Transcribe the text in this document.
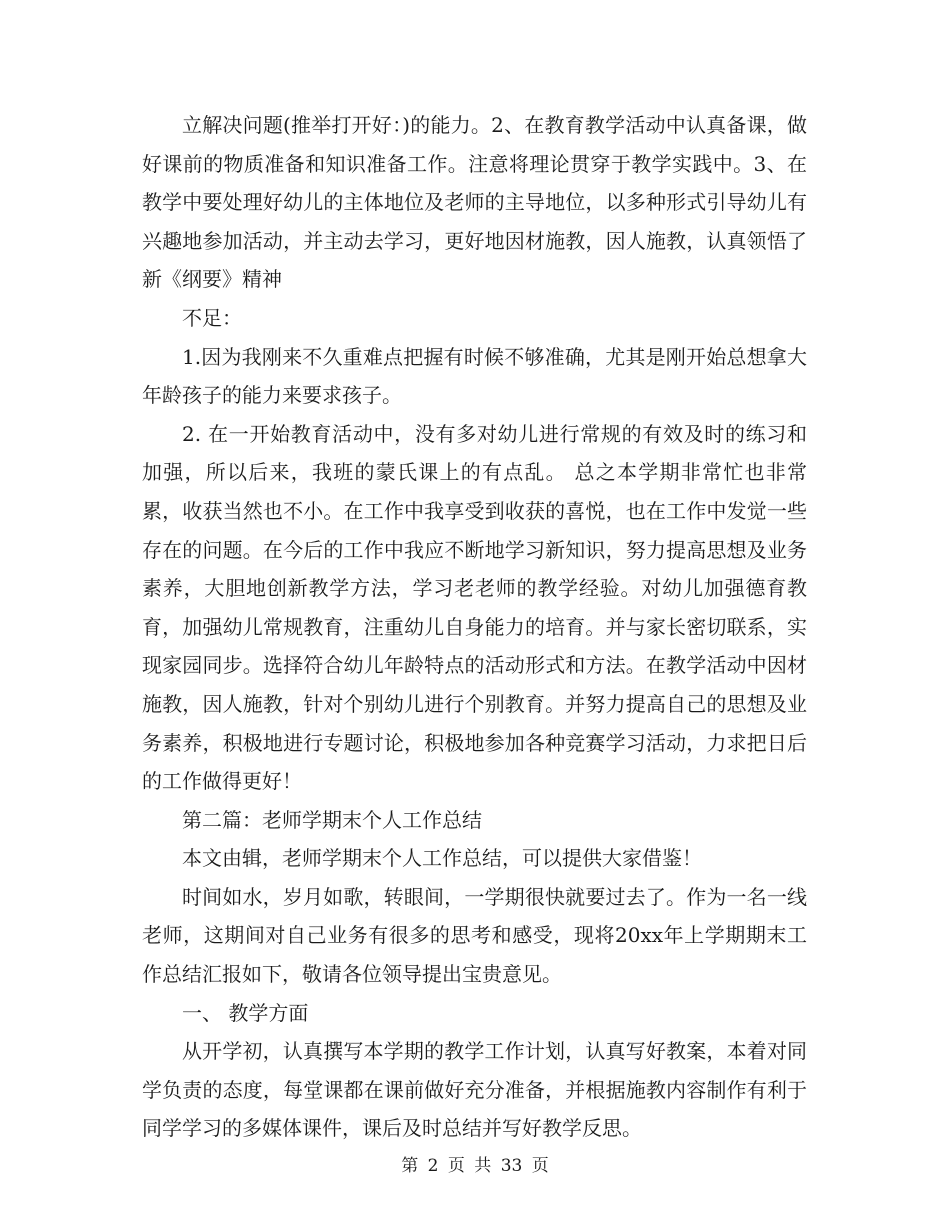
立解决问题(推举打开好：)的能力。2、在教育教学活动中认真备课，做好课前的物质准备和知识准备工作。注意将理论贯穿于教学实践中。3、在教学中要处理好幼儿的主体地位及老师的主导地位，以多种形式引导幼儿有兴趣地参加活动，并主动去学习，更好地因材施教，因人施教，认真领悟了新《纲要》精神

不足：

1.因为我刚来不久重难点把握有时候不够准确，尤其是刚开始总想拿大年龄孩子的能力来要求孩子。

2. 在一开始教育活动中，没有多对幼儿进行常规的有效及时的练习和加强，所以后来，我班的蒙氏课上的有点乱。 总之本学期非常忙也非常累，收获当然也不小。在工作中我享受到收获的喜悦，也在工作中发觉一些存在的问题。在今后的工作中我应不断地学习新知识，努力提高思想及业务素养，大胆地创新教学方法，学习老老师的教学经验。对幼儿加强德育教育，加强幼儿常规教育，注重幼儿自身能力的培育。并与家长密切联系，实现家园同步。选择符合幼儿年龄特点的活动形式和方法。在教学活动中因材施教，因人施教，针对个别幼儿进行个别教育。并努力提高自己的思想及业务素养，积极地进行专题讨论，积极地参加各种竞赛学习活动，力求把日后的工作做得更好！

第二篇：老师学期末个人工作总结

本文由辑，老师学期末个人工作总结，可以提供大家借鉴！

时间如水，岁月如歌，转眼间，一学期很快就要过去了。作为一名一线老师，这期间对自己业务有很多的思考和感受，现将20xx年上学期期末工作总结汇报如下，敬请各位领导提出宝贵意见。

一、 教学方面

从开学初，认真撰写本学期的教学工作计划，认真写好教案，本着对同学负责的态度，每堂课都在课前做好充分准备，并根据施教内容制作有利于同学学习的多媒体课件，课后及时总结并写好教学反思。

第 2 页 共 33 页
